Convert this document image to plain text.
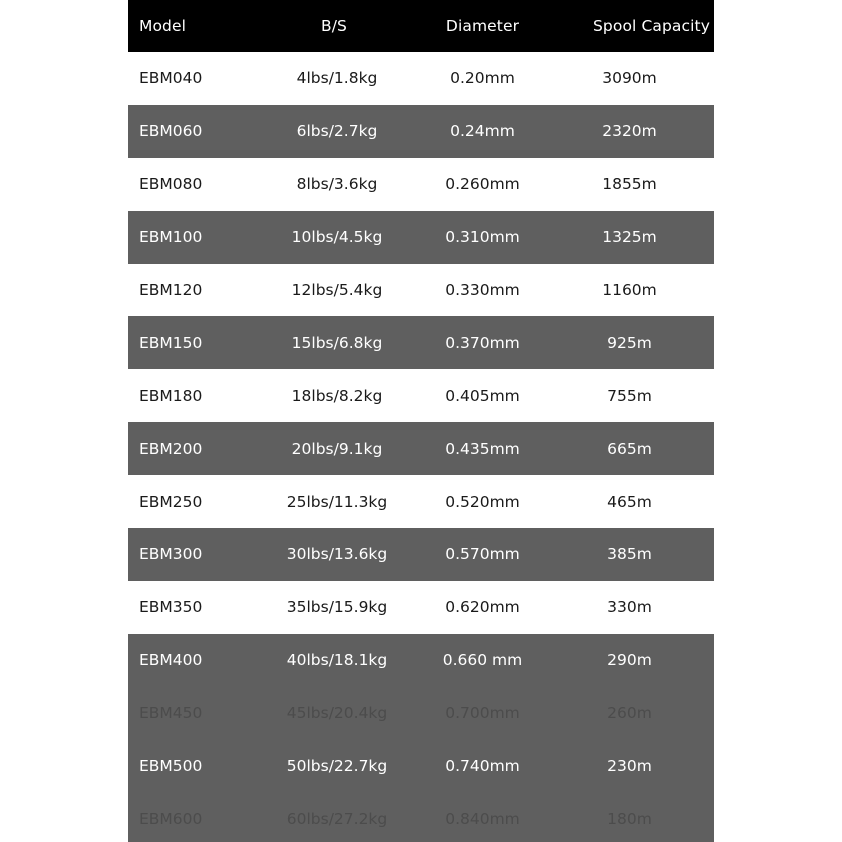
Model	B/S	Diameter	Spool Capacity
EBM040	4lbs/1.8kg	0.20mm	3090m
EBM060	6lbs/2.7kg	0.24mm	2320m
EBM080	8lbs/3.6kg	0.260mm	1855m
EBM100	10lbs/4.5kg	0.310mm	1325m
EBM120	12lbs/5.4kg	0.330mm	1160m
EBM150	15lbs/6.8kg	0.370mm	925m
EBM180	18lbs/8.2kg	0.405mm	755m
EBM200	20lbs/9.1kg	0.435mm	665m
EBM250	25lbs/11.3kg	0.520mm	465m
EBM300	30lbs/13.6kg	0.570mm	385m
EBM350	35lbs/15.9kg	0.620mm	330m
EBM400	40lbs/18.1kg	0.660 mm	290m
EBM450	45lbs/20.4kg	0.700mm	260m
EBM500	50lbs/22.7kg	0.740mm	230m
EBM600	60lbs/27.2kg	0.840mm	180m
